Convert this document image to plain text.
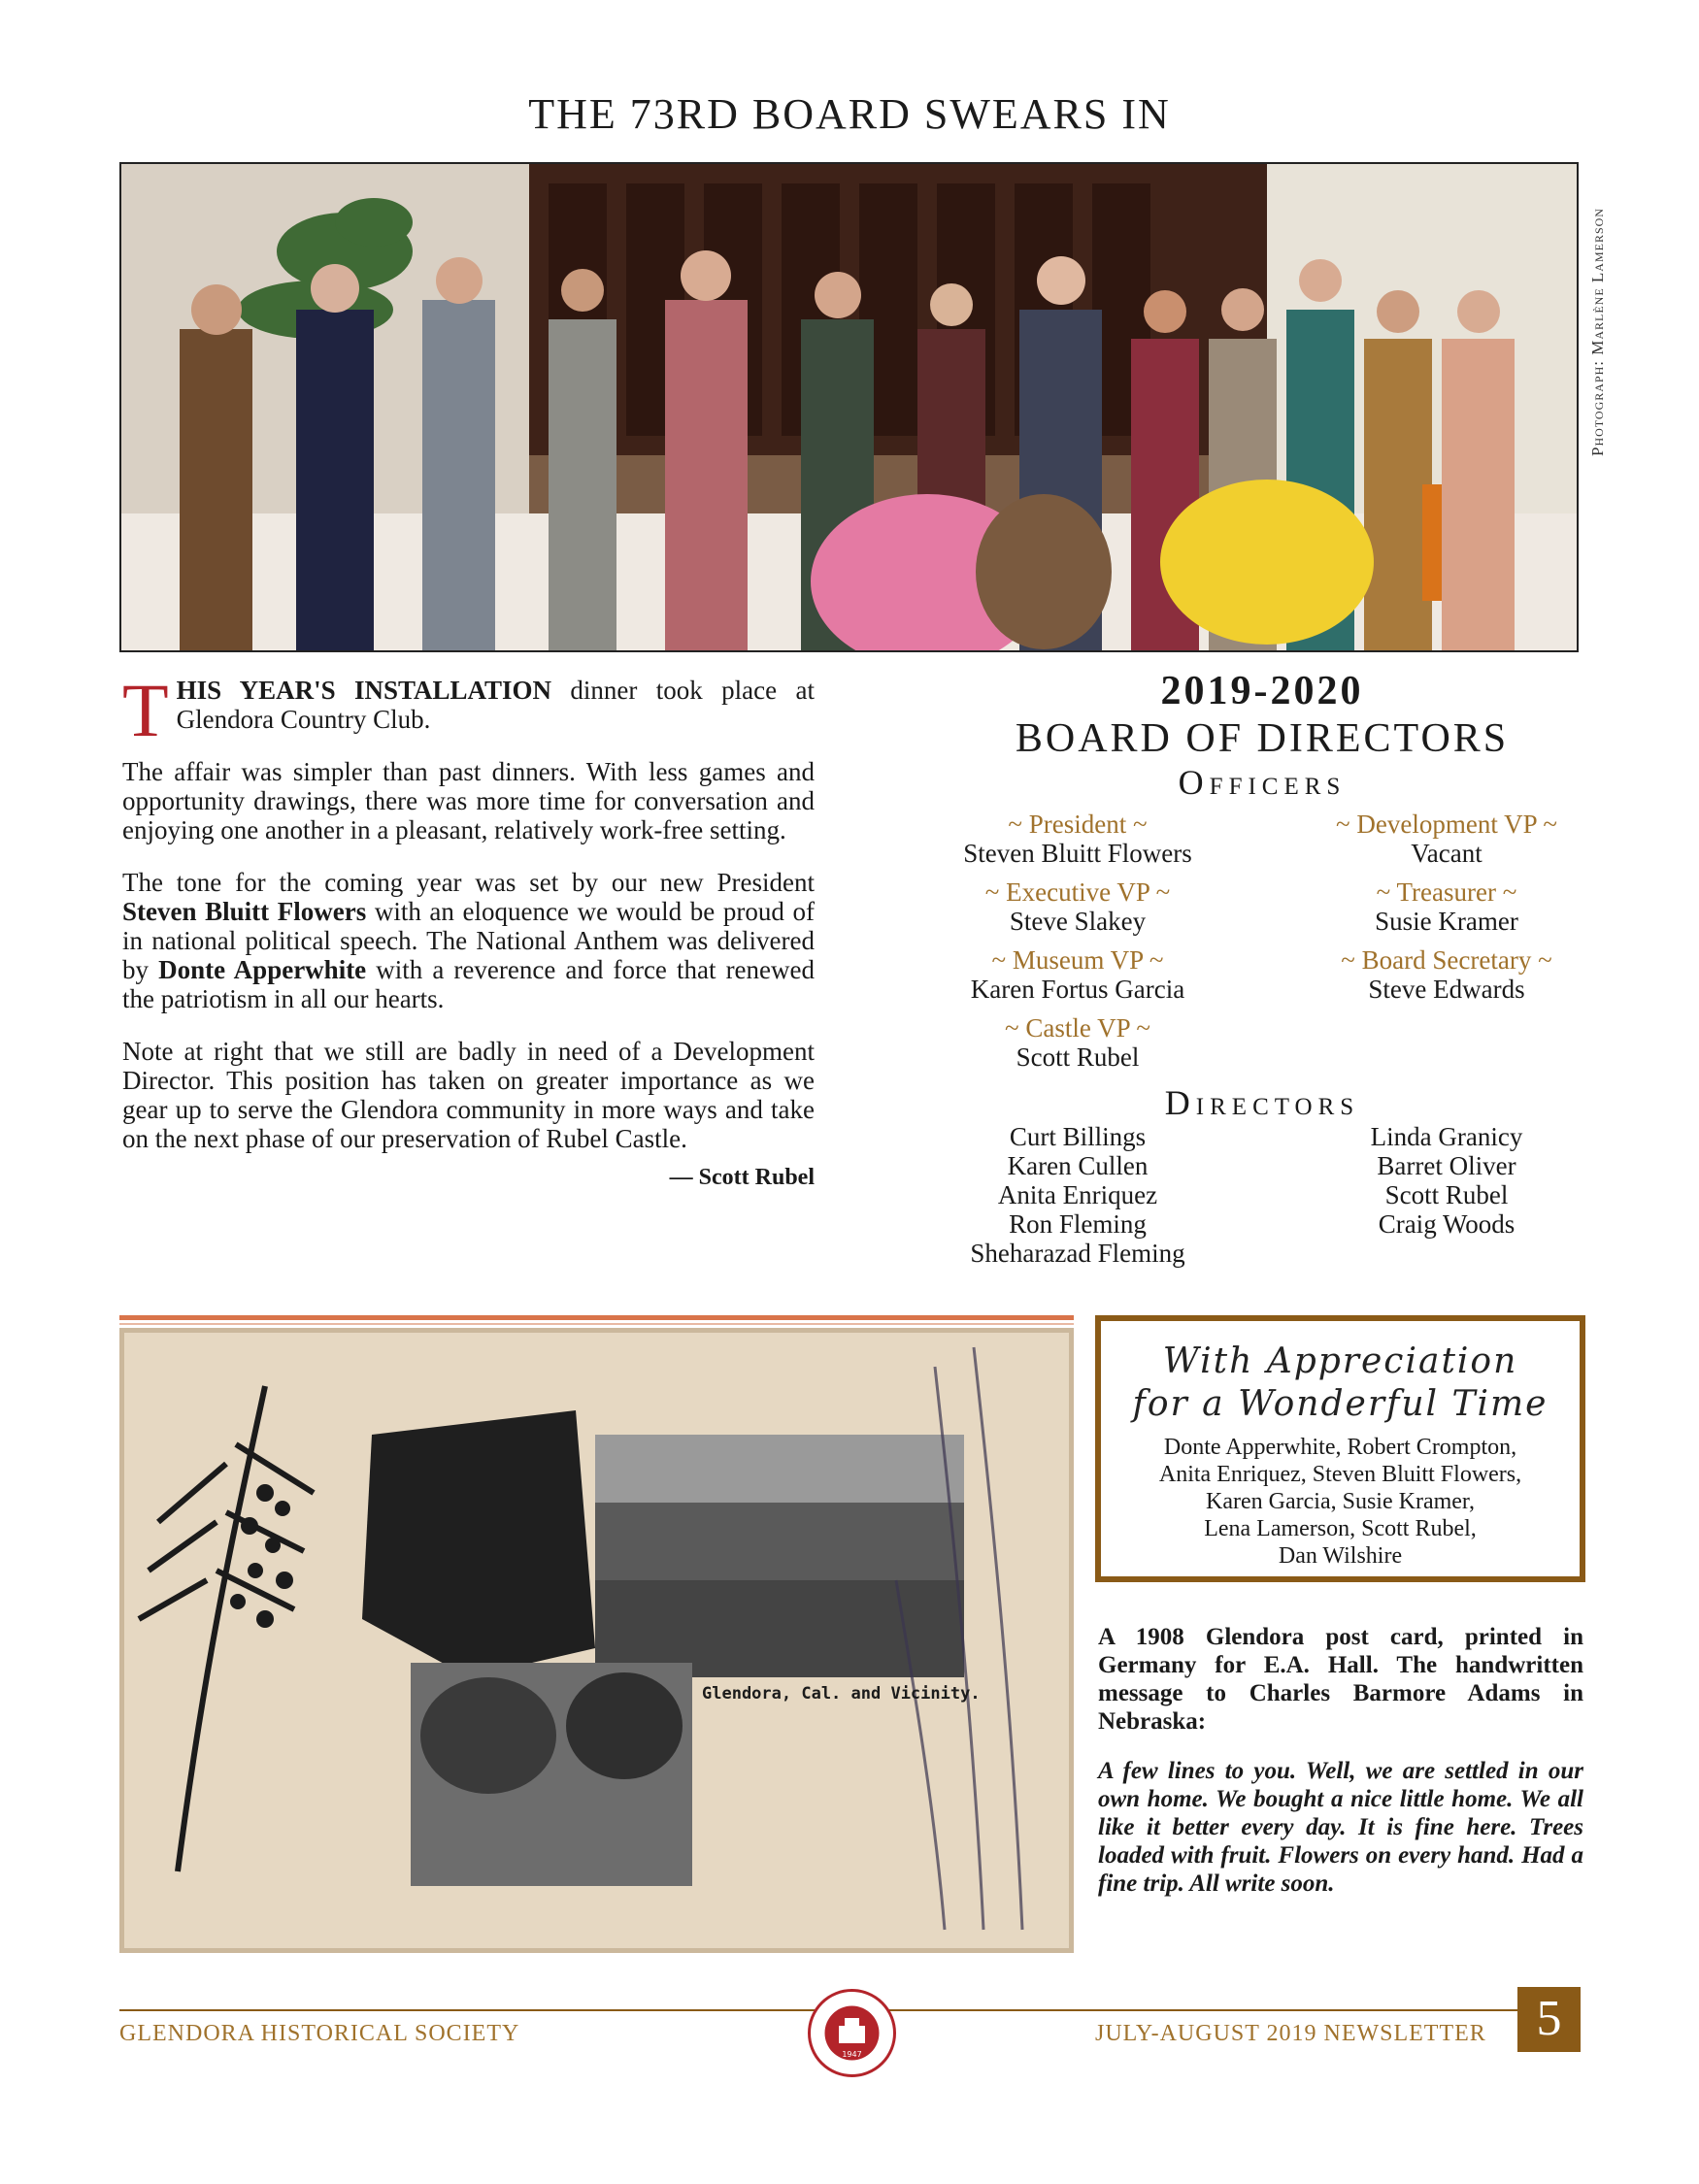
THE 73RD BOARD SWEARS IN
Photograph: Marlène Lamerson

THIS YEAR'S INSTALLATION dinner took place at Glendora Country Club.

The affair was simpler than past dinners. With less games and opportunity drawings, there was more time for conversation and enjoying one another in a pleasant, relatively work-free setting.

The tone for the coming year was set by our new President Steven Bluitt Flowers with an eloquence we would be proud of in national political speech. The National Anthem was delivered by Donte Apperwhite with a reverence and force that renewed the patriotism in all our hearts.

Note at right that we still are badly in need of a Development Director. This position has taken on greater importance as we gear up to serve the Glendora community in more ways and take on the next phase of our preservation of Rubel Castle.

— Scott Rubel
2019-2020
BOARD OF DIRECTORS
Officers
~ President ~
Steven Bluitt Flowers
~ Executive VP ~
Steve Slakey
~ Museum VP ~
Karen Fortus Garcia
~ Castle VP ~
Scott Rubel
~ Development VP ~
Vacant
~ Treasurer ~
Susie Kramer
~ Board Secretary ~
Steve Edwards
Directors
Curt Billings
Karen Cullen
Anita Enriquez
Ron Fleming
Sheharazad Fleming
Linda Granicy
Barret Oliver
Scott Rubel
Craig Woods
Glendora, Cal. and Vicinity.
With Appreciation
for a Wonderful Time
Donte Apperwhite, Robert Crompton,
Anita Enriquez, Steven Bluitt Flowers,
Karen Garcia, Susie Kramer,
Lena Lamerson, Scott Rubel,
Dan Wilshire
A 1908 Glendora post card, printed in Germany for E.A. Hall. The handwritten message to Charles Barmore Adams in Nebraska:
A few lines to you. Well, we are settled in our own home. We bought a nice little home. We all like it better every day. It is fine here. Trees loaded with fruit. Flowers on every hand. Had a fine trip. All write soon.
GLENDORA HISTORICAL SOCIETY
1947
JULY-AUGUST 2019 NEWSLETTER 5
